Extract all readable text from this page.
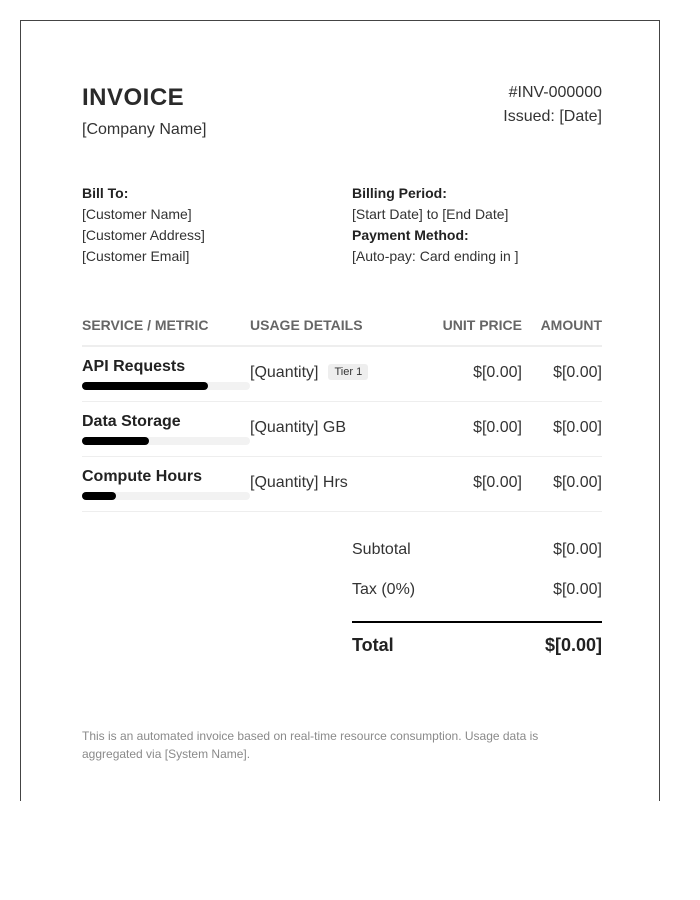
INVOICE
[Company Name]
#INV-000000
Issued: [Date]
Bill To:
[Customer Name]
[Customer Address]
[Customer Email]
Billing Period:
[Start Date] to [End Date]
Payment Method:
[Auto-pay: Card ending in ]
SERVICE / METRIC	USAGE DETAILS	UNIT PRICE AMOUNT
API Requests	[Quantity] Tier 1	$[0.00] $[0.00]
Data Storage	[Quantity] GB	$[0.00] $[0.00]
Compute Hours	[Quantity] Hrs	$[0.00] $[0.00]
Subtotal	$[0.00]
Tax (0%)	$[0.00]
Total	$[0.00]
This is an automated invoice based on real-time resource consumption. Usage data is aggregated via [System Name].
